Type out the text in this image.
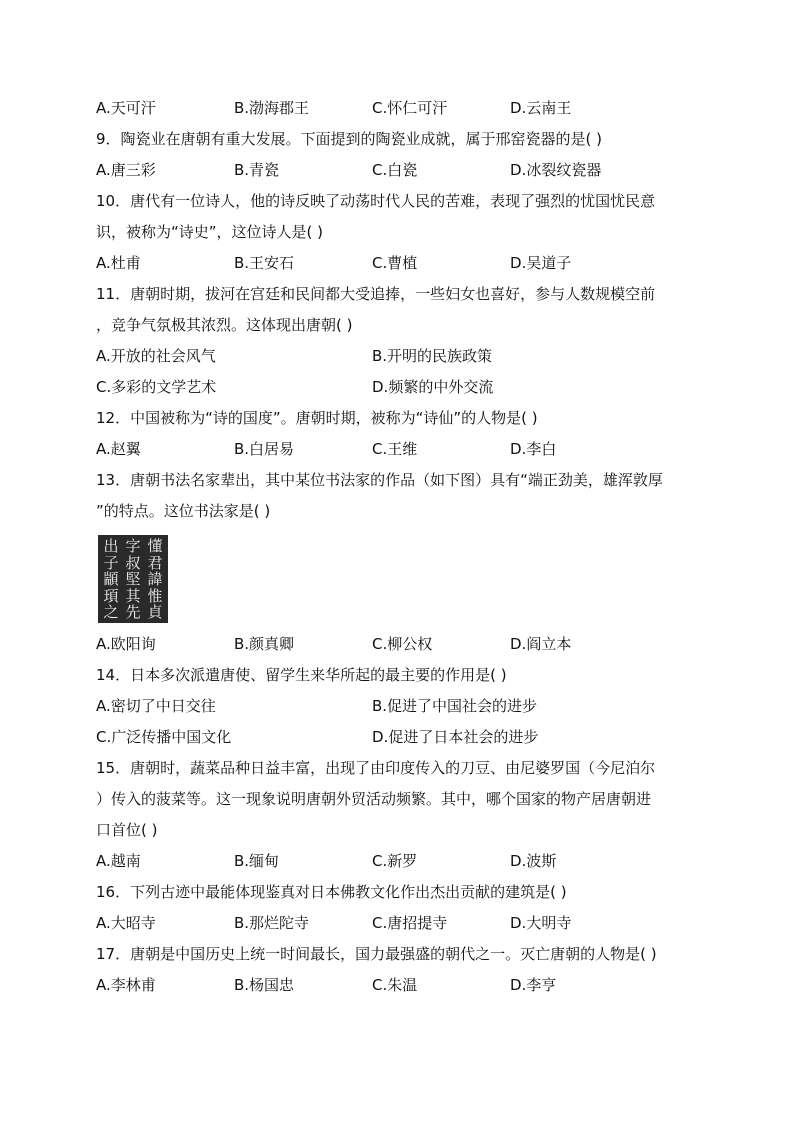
A.天可汗	B.渤海郡王	C.怀仁可汗	D.云南王
9．陶瓷业在唐朝有重大发展。下面提到的陶瓷业成就，属于邢窑瓷器的是( )
A.唐三彩	B.青瓷	C.白瓷	D.冰裂纹瓷器
10．唐代有一位诗人，他的诗反映了动荡时代人民的苦难，表现了强烈的忧国忧民意
识，被称为“诗史”，这位诗人是( )
A.杜甫	B.王安石	C.曹植	D.吴道子
11．唐朝时期，拔河在宫廷和民间都大受追捧，一些妇女也喜好，参与人数规模空前
，竞争气氛极其浓烈。这体现出唐朝( )
A.开放的社会风气	B.开明的民族政策
C.多彩的文学艺术	D.频繁的中外交流
12．中国被称为“诗的国度”。唐朝时期，被称为“诗仙”的人物是( )
A.赵翼	B.白居易	C.王维	D.李白
13．唐朝书法名家辈出，其中某位书法家的作品（如下图）具有“端正劲美，雄浑敦厚
”的特点。这位书法家是( )
懂
君
諱
惟
貞
字
叔
堅
其
先
出
子
顓
頊
之
A.欧阳询	B.颜真卿	C.柳公权	D.阎立本
14．日本多次派遣唐使、留学生来华所起的最主要的作用是( )
A.密切了中日交往	B.促进了中国社会的进步
C.广泛传播中国文化	D.促进了日本社会的进步
15．唐朝时，蔬菜品种日益丰富，出现了由印度传入的刀豆、由尼婆罗国（今尼泊尔
）传入的菠菜等。这一现象说明唐朝外贸活动频繁。其中，哪个国家的物产居唐朝进
口首位( )
A.越南	B.缅甸	C.新罗	D.波斯
16．下列古迹中最能体现鉴真对日本佛教文化作出杰出贡献的建筑是( )
A.大昭寺	B.那烂陀寺	C.唐招提寺	D.大明寺
17．唐朝是中国历史上统一时间最长，国力最强盛的朝代之一。灭亡唐朝的人物是( )
A.李林甫	B.杨国忠	C.朱温	D.李亨
